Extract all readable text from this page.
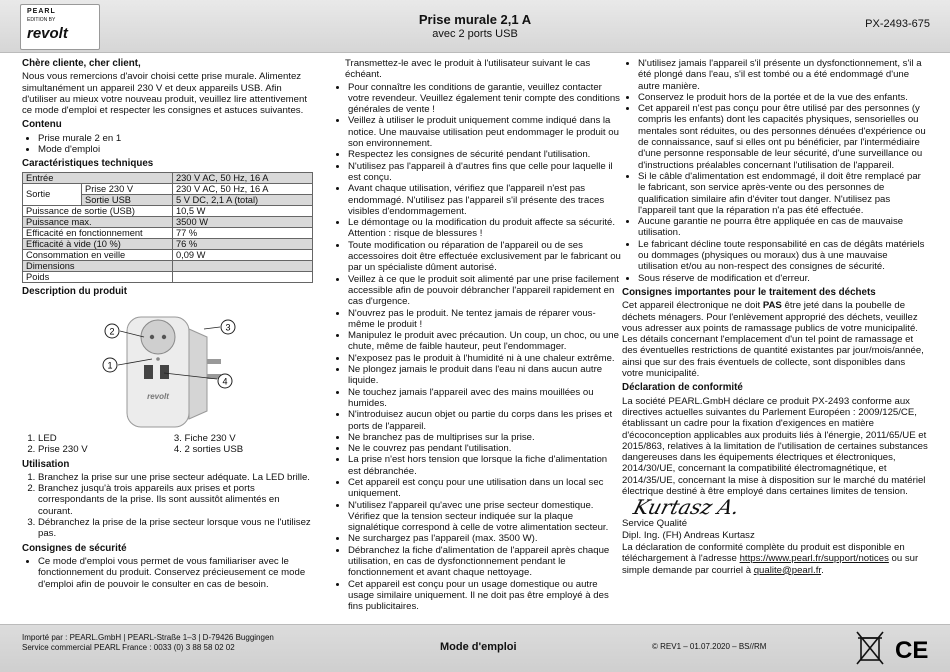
PEARL
EDITION BY
revolt
Prise murale 2,1 A
avec 2 ports USB
PX-2493-675
Chère cliente, cher client,

Nous vous remercions d'avoir choisi cette prise murale. Alimentez simultanément un appareil 230 V et deux appareils USB. Afin d'utiliser au mieux votre nouveau produit, veuillez lire attentivement ce mode d'emploi et respecter les consignes et astuces suivantes.

Contenu
• Prise murale 2 en 1
• Mode d'emploi
Caractéristiques techniques
Entrée		230 V AC, 50 Hz, 16 A
Sortie	Prise 230 V	230 V AC, 50 Hz, 16 A
	Sortie USB	5 V DC, 2,1 A (total)
Puissance de sortie (USB)		10,5 W
Puissance max.		3500 W
Efficacité en fonctionnement		77 %
Efficacité à vide (10 %)		76 %
Consommation en veille		0,09 W
Dimensions		
Poids		
Description du produit
2
1
3
4
revolt
1. LED
2. Prise 230 V
3. Fiche 230 V
4. 2 sorties USB
Utilisation
1. Branchez la prise sur une prise secteur adéquate. La LED brille.
2. Branchez jusqu'à trois appareils aux prises et ports correspondants de la prise. Ils sont aussitôt alimentés en courant.
3. Débranchez la prise de la prise secteur lorsque vous ne l'utilisez pas.
Consignes de sécurité
• Ce mode d'emploi vous permet de vous familiariser avec le fonctionnement du produit. Conservez précieusement ce mode d'emploi afin de pouvoir le consulter en cas de besoin.

Transmettez-le avec le produit à l'utilisateur suivant le cas échéant.

• Pour connaître les conditions de garantie, veuillez contacter votre revendeur. Veuillez également tenir compte des conditions générales de vente !
• Veillez à utiliser le produit uniquement comme indiqué dans la notice. Une mauvaise utilisation peut endommager le produit ou son environnement.
• Respectez les consignes de sécurité pendant l'utilisation.
• N'utilisez pas l'appareil à d'autres fins que celle pour laquelle il est conçu.
• Avant chaque utilisation, vérifiez que l'appareil n'est pas endommagé. N'utilisez pas l'appareil s'il présente des traces visibles d'endommagement.
• Le démontage ou la modification du produit affecte sa sécurité. Attention : risque de blessures !
• Toute modification ou réparation de l'appareil ou de ses accessoires doit être effectuée exclusivement par le fabricant ou par un spécialiste dûment autorisé.
• Veillez à ce que le produit soit alimenté par une prise facilement accessible afin de pouvoir débrancher l'appareil rapidement en cas d'urgence.
• N'ouvrez pas le produit. Ne tentez jamais de réparer vous-même le produit !
• Manipulez le produit avec précaution. Un coup, un choc, ou une chute, même de faible hauteur, peut l'endommager.
• N'exposez pas le produit à l'humidité ni à une chaleur extrême.
• Ne plongez jamais le produit dans l'eau ni dans aucun autre liquide.
• Ne touchez jamais l'appareil avec des mains mouillées ou humides.
• N'introduisez aucun objet ou partie du corps dans les prises et ports de l'appareil.
• Ne branchez pas de multiprises sur la prise.
• Ne le couvrez pas pendant l'utilisation.
• La prise n'est hors tension que lorsque la fiche d'alimentation est débranchée.
• Cet appareil est conçu pour une utilisation dans un local sec uniquement.
• N'utilisez l'appareil qu'avec une prise secteur domestique. Vérifiez que la tension secteur indiquée sur la plaque signalétique correspond à celle de votre alimentation secteur.
• Ne surchargez pas l'appareil (max. 3500 W).
• Débranchez la fiche d'alimentation de l'appareil après chaque utilisation, en cas de dysfonctionnement pendant le fonctionnement et avant chaque nettoyage.
• Cet appareil est conçu pour un usage domestique ou autre usage similaire uniquement. Il ne doit pas être employé à des fins publicitaires.
• N'utilisez jamais l'appareil s'il présente un dysfonctionnement, s'il a été plongé dans l'eau, s'il est tombé ou a été endommagé d'une autre manière.
• Conservez le produit hors de la portée et de la vue des enfants.
• Cet appareil n'est pas conçu pour être utilisé par des personnes (y compris les enfants) dont les capacités physiques, sensorielles ou mentales sont réduites, ou des personnes dénuées d'expérience ou de connaissance, sauf si elles ont pu bénéficier, par l'intermédiaire d'une personne responsable de leur sécurité, d'une surveillance ou d'instructions préalables concernant l'utilisation de l'appareil.
• Si le câble d'alimentation est endommagé, il doit être remplacé par le fabricant, son service après-vente ou des personnes de qualification similaire afin d'éviter tout danger. N'utilisez pas l'appareil tant que la réparation n'a pas été effectuée.
• Aucune garantie ne pourra être appliquée en cas de mauvaise utilisation.
• Le fabricant décline toute responsabilité en cas de dégâts matériels ou dommages (physiques ou moraux) dus à une mauvaise utilisation et/ou au non-respect des consignes de sécurité.
• Sous réserve de modification et d'erreur.
Consignes importantes pour le traitement des déchets

Cet appareil électronique ne doit PAS être jeté dans la poubelle de déchets ménagers. Pour l'enlèvement approprié des déchets, veuillez vous adresser aux points de ramassage publics de votre municipalité. Les détails concernant l'emplacement d'un tel point de ramassage et des éventuelles restrictions de quantité existantes par jour/mois/année, ainsi que sur des frais éventuels de collecte, sont disponibles dans votre municipalité.

Déclaration de conformité

La société PEARL.GmbH déclare ce produit PX-2493 conforme aux directives actuelles suivantes du Parlement Européen : 2009/125/CE, établissant un cadre pour la fixation d'exigences en matière d'écoconception applicables aux produits liés à l'énergie, 2011/65/UE et 2015/863, relatives à la limitation de l'utilisation de certaines substances dangereuses dans les équipements électriques et électroniques, 2014/30/UE, concernant la compatibilité électromagnétique, et 2014/35/UE, concernant la mise à disposition sur le marché du matériel électrique destiné à être employé dans certaines limites de tension.

Kurtasz A.

Service Qualité

Dipl. Ing. (FH) Andreas Kurtasz

La déclaration de conformité complète du produit est disponible en téléchargement à l'adresse https://www.pearl.fr/support/notices ou sur simple demande par courriel à qualite@pearl.fr.

Importé par : PEARL.GmbH | PEARL-Straße 1–3 | D-79426 Buggingen
Service commercial PEARL France : 0033 (0) 3 88 58 02 02	Mode d'emploi	© REV1 – 01.07.2020 – BS//RM	CE
